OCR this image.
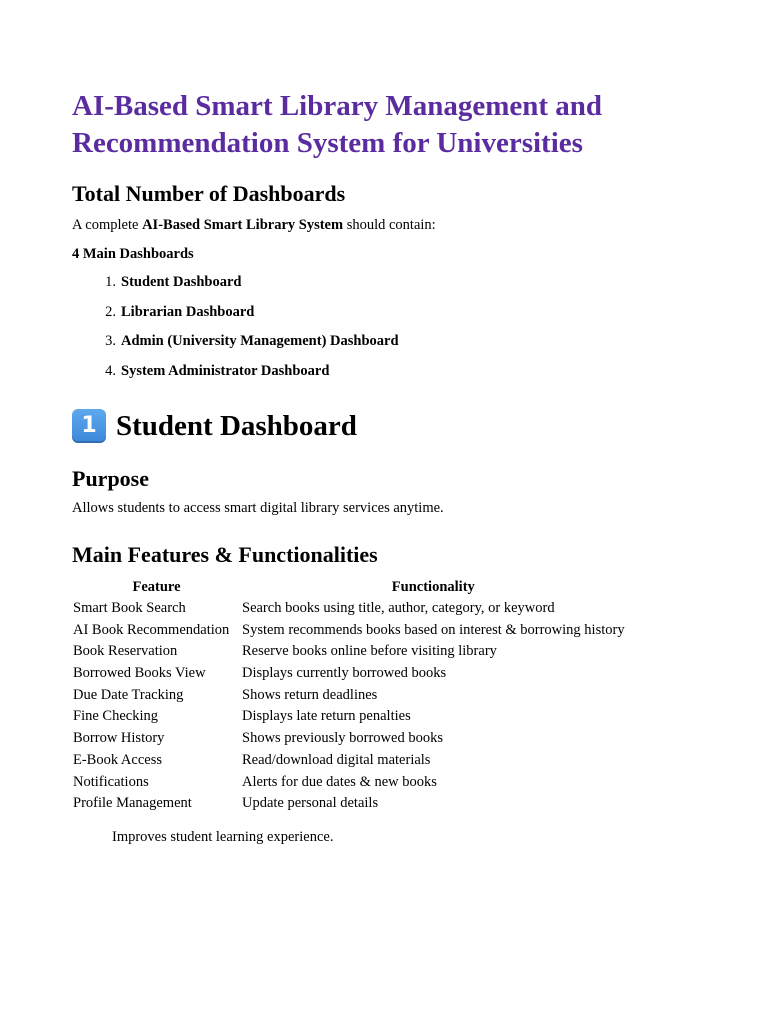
AI-Based Smart Library Management and Recommendation System for Universities
Total Number of Dashboards

A complete AI-Based Smart Library System should contain:

4 Main Dashboards

1. Student Dashboard
2. Librarian Dashboard
3. Admin (University Management) Dashboard
4. System Administrator Dashboard
1 Student Dashboard
Purpose

Allows students to access smart digital library services anytime.

Main Features & Functionalities
Feature	Functionality
Smart Book Search	Search books using title, author, category, or keyword
AI Book Recommendation	System recommends books based on interest & borrowing history
Book Reservation	Reserve books online before visiting library
Borrowed Books View	Displays currently borrowed books
Due Date Tracking	Shows return deadlines
Fine Checking	Displays late return penalties
Borrow History	Shows previously borrowed books
E-Book Access	Read/download digital materials
Notifications	Alerts for due dates & new books
Profile Management	Update personal details

Improves student learning experience.
